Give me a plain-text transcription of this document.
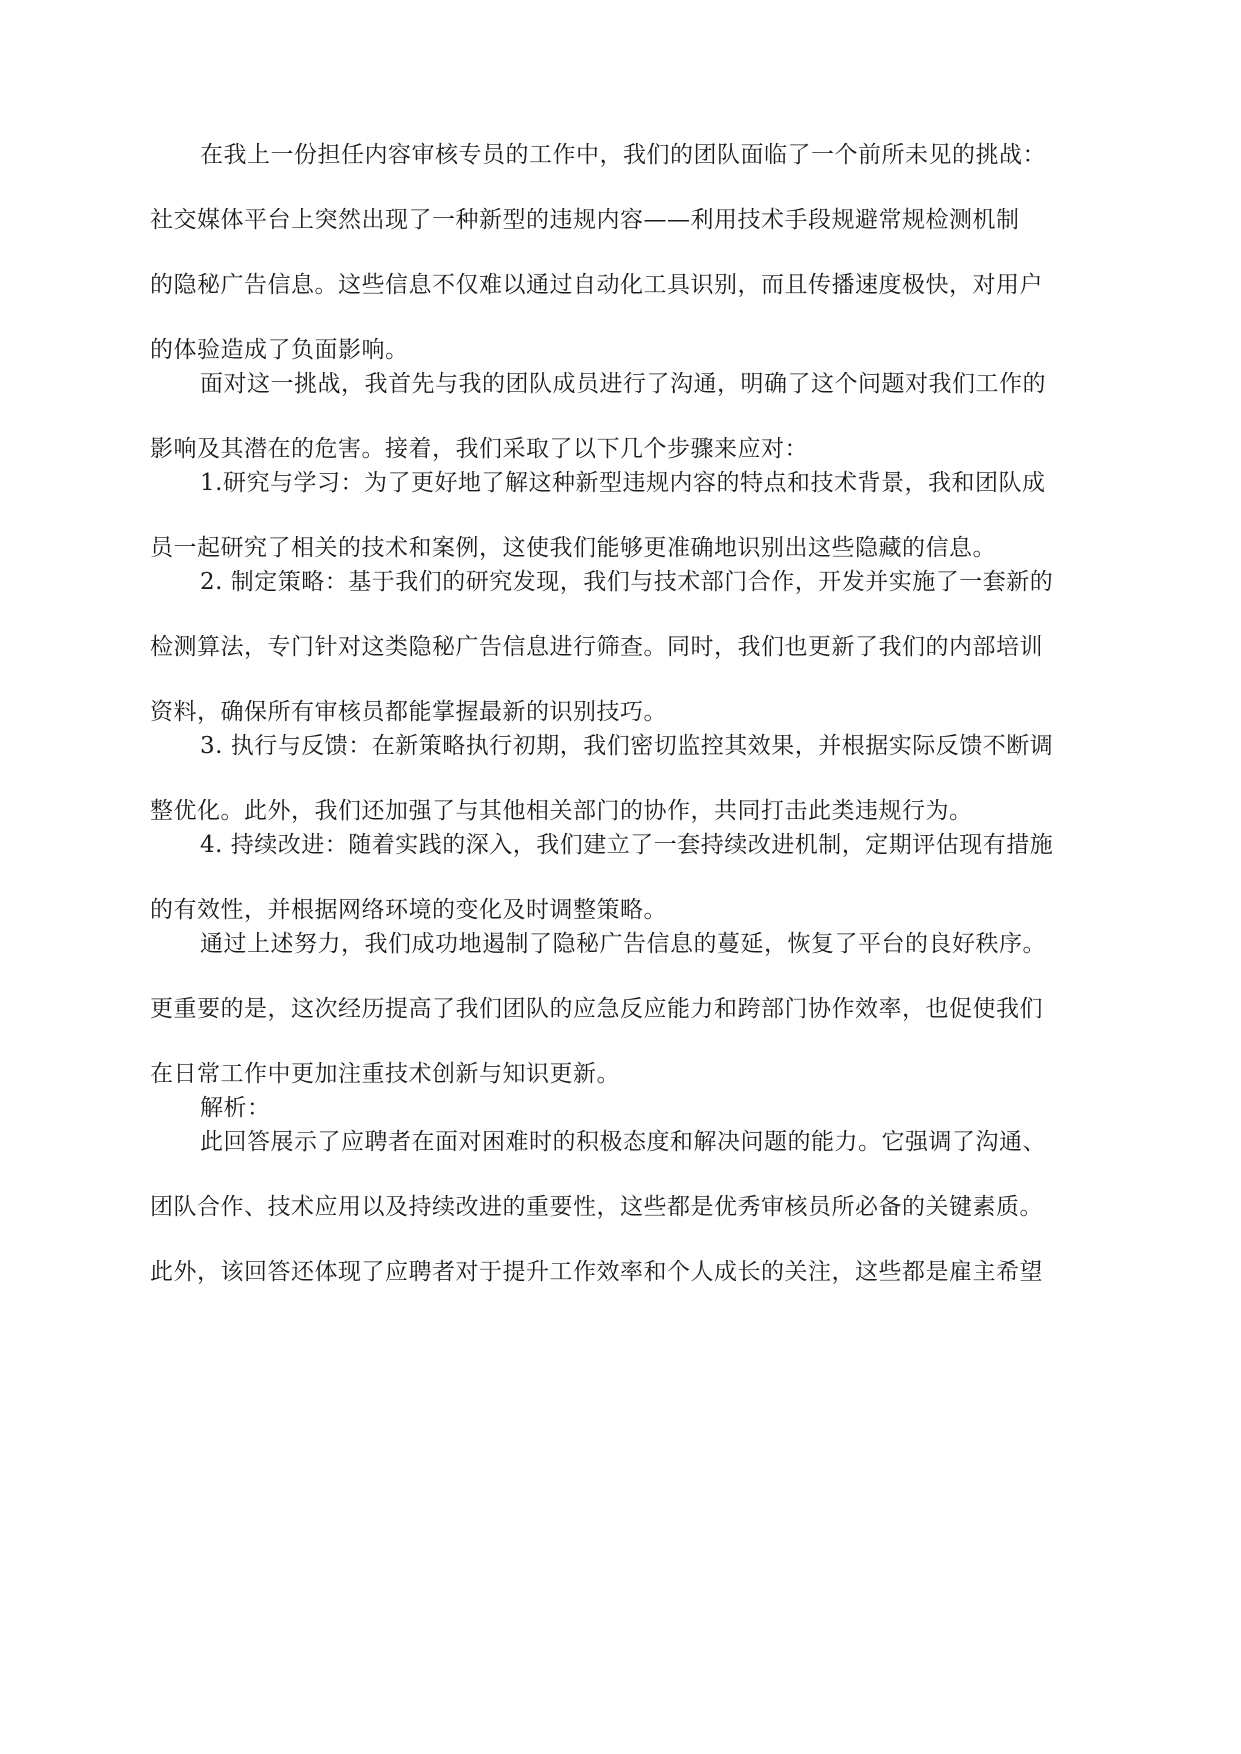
在我上一份担任内容审核专员的工作中，我们的团队面临了一个前所未见的挑战：
社交媒体平台上突然出现了一种新型的违规内容——利用技术手段规避常规检测机制
的隐秘广告信息。这些信息不仅难以通过自动化工具识别，而且传播速度极快，对用户
的体验造成了负面影响。
面对这一挑战，我首先与我的团队成员进行了沟通，明确了这个问题对我们工作的
影响及其潜在的危害。接着，我们采取了以下几个步骤来应对：
1.研究与学习：为了更好地了解这种新型违规内容的特点和技术背景，我和团队成
员一起研究了相关的技术和案例，这使我们能够更准确地识别出这些隐藏的信息。
2. 制定策略：基于我们的研究发现，我们与技术部门合作，开发并实施了一套新的
检测算法，专门针对这类隐秘广告信息进行筛查。同时，我们也更新了我们的内部培训
资料，确保所有审核员都能掌握最新的识别技巧。
3. 执行与反馈：在新策略执行初期，我们密切监控其效果，并根据实际反馈不断调
整优化。此外，我们还加强了与其他相关部门的协作，共同打击此类违规行为。
4. 持续改进：随着实践的深入，我们建立了一套持续改进机制，定期评估现有措施
的有效性，并根据网络环境的变化及时调整策略。
通过上述努力，我们成功地遏制了隐秘广告信息的蔓延，恢复了平台的良好秩序。
更重要的是，这次经历提高了我们团队的应急反应能力和跨部门协作效率，也促使我们
在日常工作中更加注重技术创新与知识更新。
解析：
此回答展示了应聘者在面对困难时的积极态度和解决问题的能力。它强调了沟通、
团队合作、技术应用以及持续改进的重要性，这些都是优秀审核员所必备的关键素质。
此外，该回答还体现了应聘者对于提升工作效率和个人成长的关注，这些都是雇主希望
